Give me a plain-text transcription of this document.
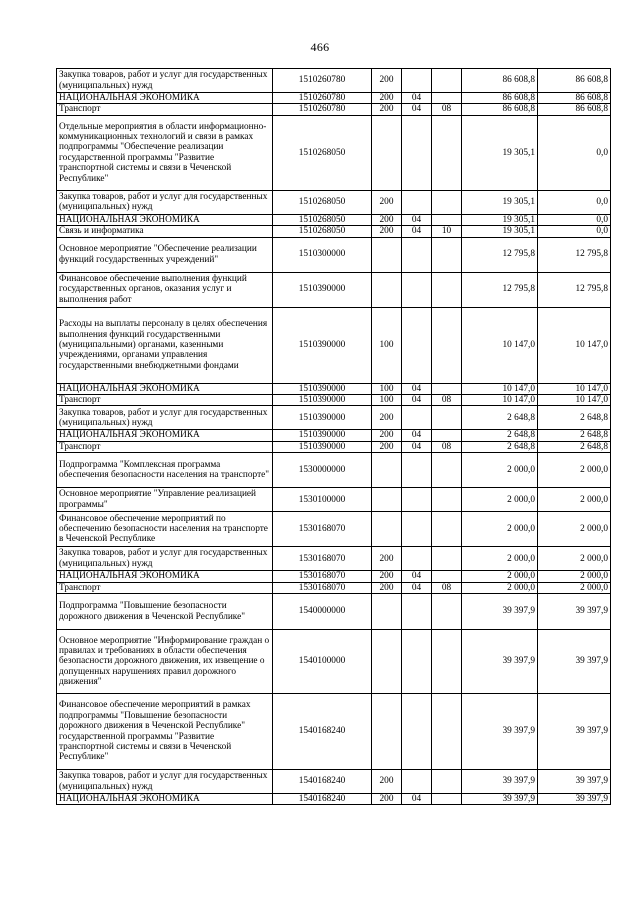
466
Закупка товаров, работ и услуг для государственных (муниципальных) нужд	1510260780	200			86 608,8	86 608,8
НАЦИОНАЛЬНАЯ ЭКОНОМИКА	1510260780	200	04		86 608,8	86 608,8
Транспорт	1510260780	200	04	08	86 608,8	86 608,8
Отдельные мероприятия в области информационно-коммуникационных технологий и связи в рамках подпрограммы "Обеспечение реализации государственной программы "Развитие транспортной системы и связи в Чеченской Республике"	1510268050				19 305,1	0,0
Закупка товаров, работ и услуг для государственных (муниципальных) нужд	1510268050	200			19 305,1	0,0
НАЦИОНАЛЬНАЯ ЭКОНОМИКА	1510268050	200	04		19 305,1	0,0
Связь и информатика	1510268050	200	04	10	19 305,1	0,0
Основное мероприятие "Обеспечение реализации функций государственных учреждений"	1510300000				12 795,8	12 795,8
Финансовое обеспечение выполнения функций государственных органов, оказания услуг и выполнения работ	1510390000				12 795,8	12 795,8
Расходы на выплаты персоналу в целях обеспечения выполнения функций государственными (муниципальными) органами, казенными учреждениями, органами управления государственными внебюджетными фондами	1510390000	100			10 147,0	10 147,0
НАЦИОНАЛЬНАЯ ЭКОНОМИКА	1510390000	100	04		10 147,0	10 147,0
Транспорт	1510390000	100	04	08	10 147,0	10 147,0
Закупка товаров, работ и услуг для государственных (муниципальных) нужд	1510390000	200			2 648,8	2 648,8
НАЦИОНАЛЬНАЯ ЭКОНОМИКА	1510390000	200	04		2 648,8	2 648,8
Транспорт	1510390000	200	04	08	2 648,8	2 648,8
Подпрограмма "Комплексная программа обеспечения безопасности населения на транспорте"	1530000000				2 000,0	2 000,0
Основное мероприятие "Управление реализацией программы"	1530100000				2 000,0	2 000,0
Финансовое обеспечение мероприятий по обеспечению безопасности населения на транспорте в Чеченской Республике	1530168070				2 000,0	2 000,0
Закупка товаров, работ и услуг для государственных (муниципальных) нужд	1530168070	200			2 000,0	2 000,0
НАЦИОНАЛЬНАЯ ЭКОНОМИКА	1530168070	200	04		2 000,0	2 000,0
Транспорт	1530168070	200	04	08	2 000,0	2 000,0
Подпрограмма "Повышение безопасности дорожного движения в Чеченской Республике"	1540000000				39 397,9	39 397,9
Основное мероприятие "Информирование граждан о правилах и требованиях в области обеспечения безопасности дорожного движения, их извещение о допущенных нарушениях правил дорожного движения"	1540100000				39 397,9	39 397,9
Финансовое обеспечение мероприятий в рамках подпрограммы "Повышение безопасности дорожного движения в Чеченской Республике" государственной программы "Развитие транспортной системы и связи в Чеченской Республике"	1540168240				39 397,9	39 397,9
Закупка товаров, работ и услуг для государственных (муниципальных) нужд	1540168240	200			39 397,9	39 397,9
НАЦИОНАЛЬНАЯ ЭКОНОМИКА	1540168240	200	04		39 397,9	39 397,9
